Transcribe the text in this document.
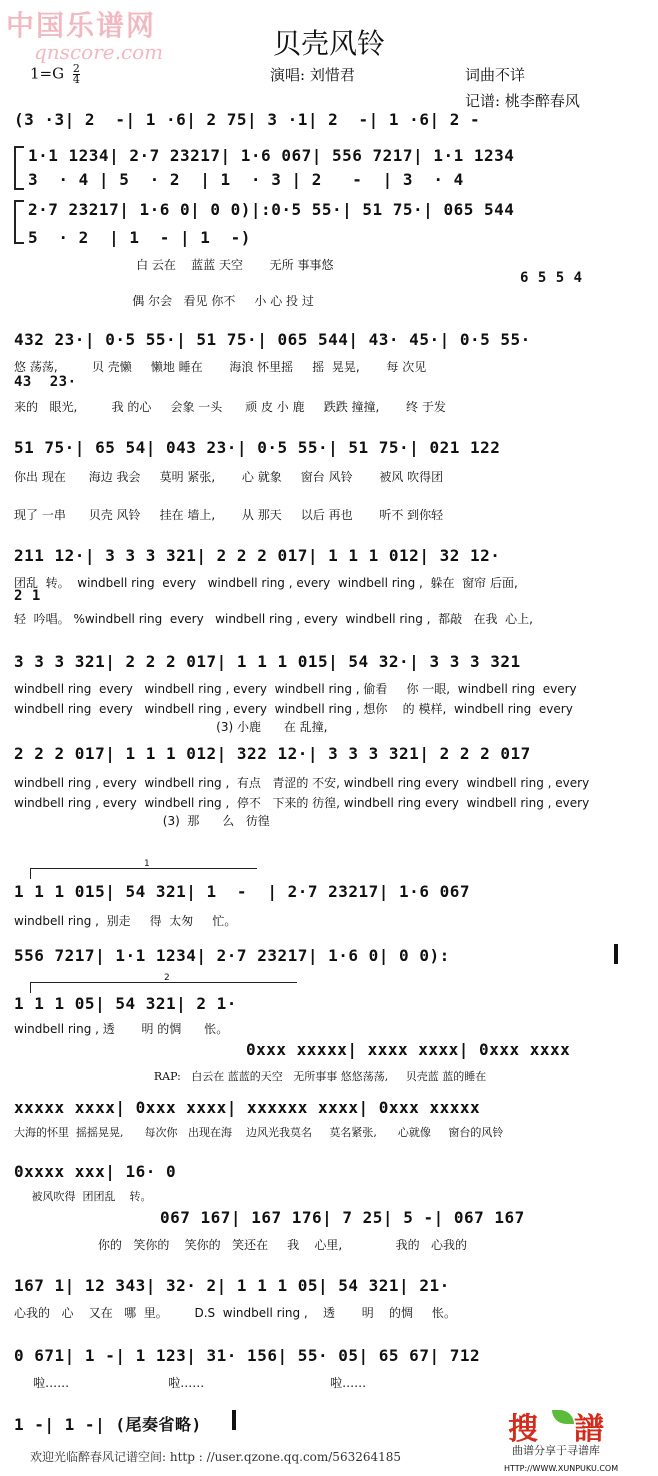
中国乐谱网
qnscore.com	贝壳风铃
$1=G \frac{2}{4}$	演唱: 刘惜君	词曲不详
记谱: 桃李醉春风
(3 ·3| 2  -| 1 ·6| 2 75| 3 ·1| 2  -| 1 ·6| 2 -
1·1 1234| 2·7 23217| 1·6 067| 556 7217| 1·1 1234
3  · 4 | 5  · 2  | 1  · 3 | 2   -  | 3  · 4
2·7 23217| 1·6 0| 0 0)|:0·5 55·| 51 75·| 065 544
5  · 2  | 1  - | 1  -)
白 云在    蓝蓝 天空       无所 事事悠
6 5 5 4
偶 尔会   看见 你不     小 心 投 过
432 23·| 0·5 55·| 51 75·| 065 544| 43· 45·| 0·5 55·
悠 荡荡,         贝 壳懒     懒地 睡在       海浪 怀里摇     摇  晃晃,       每 次见
43  23·
来的   眼光,         我 的心     会象 一头      顽 皮 小 鹿     跌跌 撞撞,       终 于发
51 75·| 65 54| 043 23·| 0·5 55·| 51 75·| 021 122
你出 现在      海边 我会     莫明 紧张,       心 就象     窗台 风铃       被风 吹得团
现了 一串      贝壳 风铃     挂在 墙上,       从 那天     以后 再也       听不 到你轻
211 12·| 3 3 3 321| 2 2 2 017| 1 1 1 012| 32 12·
团乱  转。  windbell ring  every   windbell ring , every  windbell ring ,  躲在  窗帘 后面,
2 1
轻  吟唱。 %windbell ring  every   windbell ring , every  windbell ring ,  都敲   在我  心上,
3 3 3 321| 2 2 2 017| 1 1 1 015| 54 32·| 3 3 3 321
windbell ring  every   windbell ring , every  windbell ring , 偷看     你 一眼,  windbell ring  every
windbell ring  every   windbell ring , every  windbell ring , 想你    的 模样,  windbell ring  every
(3) 小鹿      在 乱撞,
2 2 2 017| 1 1 1 012| 322 12·| 3 3 3 321| 2 2 2 017
windbell ring , every  windbell ring ,  有点   青涩的 不安, windbell ring every  windbell ring , every
windbell ring , every  windbell ring ,  停不   下来的 彷徨, windbell ring every  windbell ring , every
(3)  那      么   彷徨
1
1 1 1 015| 54 321| 1  -  | 2·7 23217| 1·6 067
windbell ring ,  别走     得  太匆     忙。
556 7217| 1·1 1234| 2·7 23217| 1·6 0| 0 0):
2
1 1 1 05| 54 321| 2 1·
windbell ring , 透       明 的惆      怅。
0xxx xxxxx| xxxx xxxx| 0xxx xxxx
RAP:   白云在 蓝蓝的天空   无所事事 悠悠荡荡,     贝壳蓝 蓝的睡在
xxxxx xxxx| 0xxx xxxx| xxxxxx xxxx| 0xxx xxxxx
大海的怀里  摇摇晃晃,      每次你   出现在海    边风光我莫名     莫名紧张,      心就像     窗台的风铃
0xxxx xxx| 16· 0
被风吹得  团团乱    转。
067 167| 167 176| 7 25| 5 -| 067 167
你的   笑你的    笑你的   笑还在     我    心里,              我的   心我的
167 1| 12 343| 32· 2| 1 1 1 05| 54 321| 21·
心我的   心    又在   哪  里。       D.S  windbell ring ,    透       明    的惆     怅。
0 671| 1 -| 1 123| 31· 156| 55· 05| 65 67| 712
啦……                          啦……                                 啦……
1 -| 1 -| (尾奏省略)
欢迎光临醉春风记谱空间: http : //user.qzone.qq.com/563264185
搜 譜
曲谱分享于寻谱库
HTTP://WWW.XUNPUKU.COM
